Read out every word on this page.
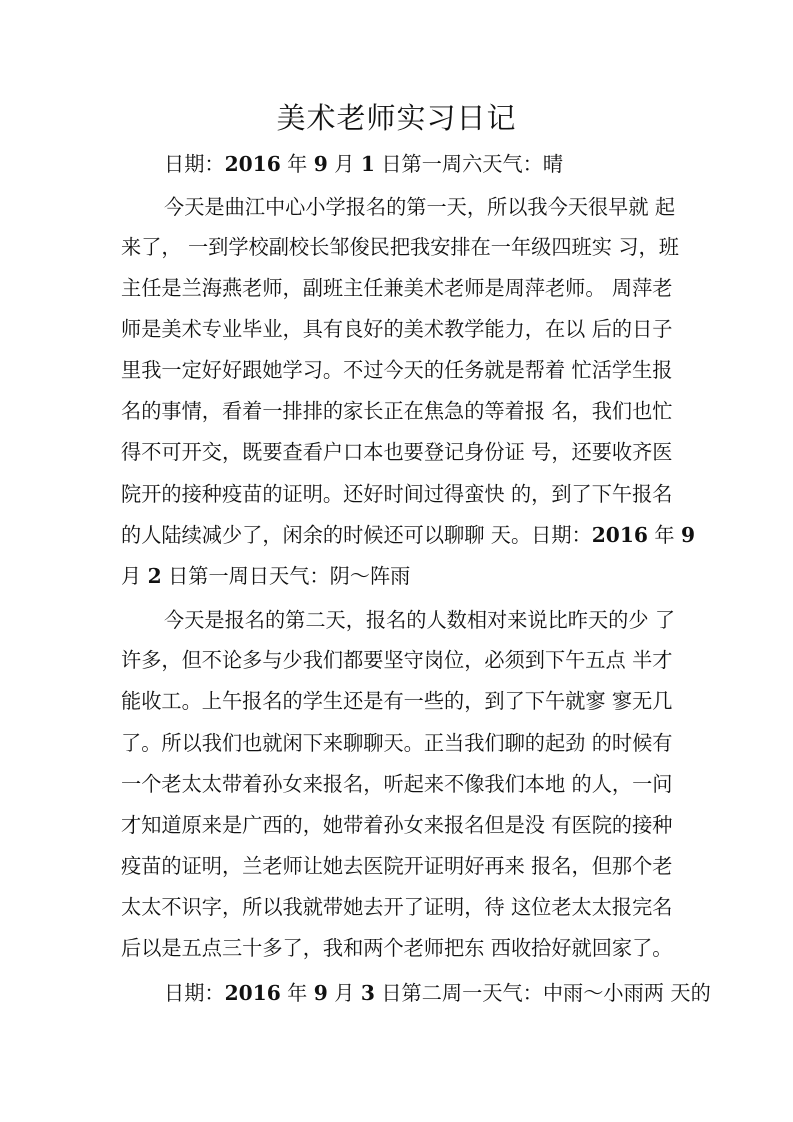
美术老师实习日记
日期：2016 年 9 月 1 日第一周六天气：晴
今天是曲江中心小学报名的第一天，所以我今天很早就 起
来了， 一到学校副校长邹俊民把我安排在一年级四班实 习，班
主任是兰海燕老师，副班主任兼美术老师是周萍老师。 周萍老
师是美术专业毕业，具有良好的美术教学能力，在以 后的日子
里我一定好好跟她学习。不过今天的任务就是帮着 忙活学生报
名的事情，看着一排排的家长正在焦急的等着报 名，我们也忙
得不可开交，既要查看户口本也要登记身份证 号，还要收齐医
院开的接种疫苗的证明。还好时间过得蛮快 的，到了下午报名
的人陆续减少了，闲余的时候还可以聊聊 天。日期：2016 年 9
月 2 日第一周日天气：阴〜阵雨
今天是报名的第二天，报名的人数相对来说比昨天的少 了
许多，但不论多与少我们都要坚守岗位，必须到下午五点 半才
能收工。上午报名的学生还是有一些的，到了下午就寥 寥无几
了。所以我们也就闲下来聊聊天。正当我们聊的起劲 的时候有
一个老太太带着孙女来报名，听起来不像我们本地 的人，一问
才知道原来是广西的，她带着孙女来报名但是没 有医院的接种
疫苗的证明，兰老师让她去医院开证明好再来 报名，但那个老
太太不识字，所以我就带她去开了证明，待 这位老太太报完名
后以是五点三十多了，我和两个老师把东 西收拾好就回家了。
日期：2016 年 9 月 3 日第二周一天气：中雨〜小雨两 天的
